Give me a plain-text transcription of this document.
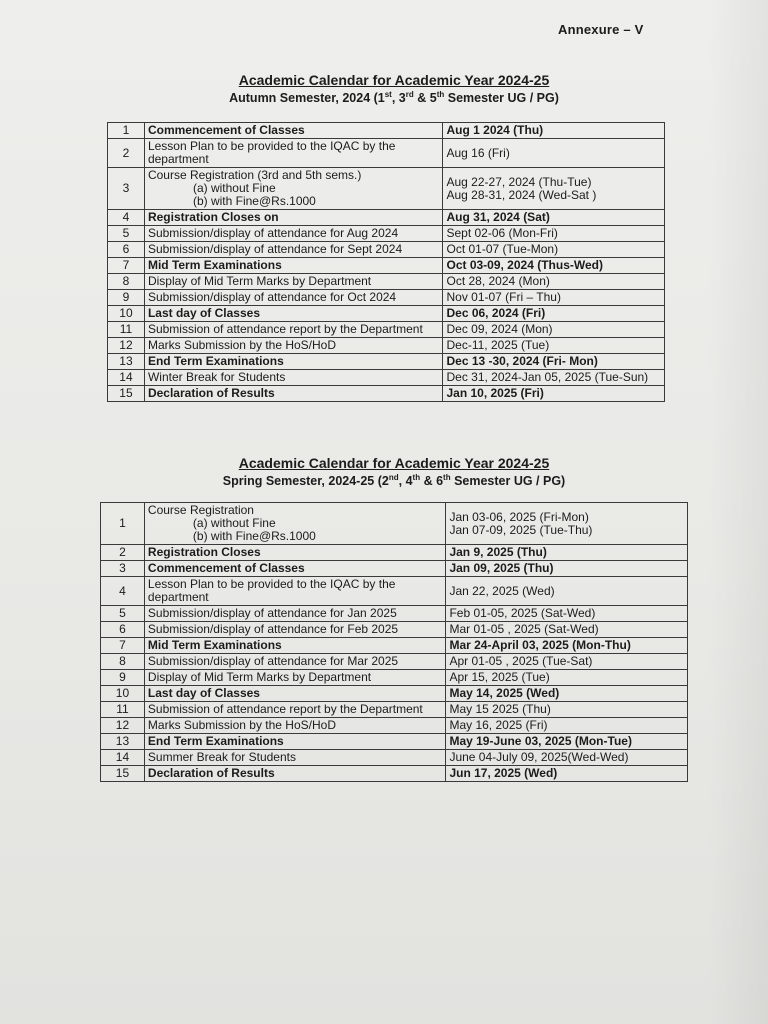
Annexure – V
Academic Calendar for Academic Year 2024-25
Autumn Semester, 2024 (1st, 3rd & 5th Semester UG / PG)
1	Commencement of Classes	Aug 1 2024 (Thu)

2	Lesson Plan to be provided to the IQAC by the department	Aug 16 (Fri)

3	Course Registration (3rd and 5th sems.)
(a) without Fine
(b) with Fine@Rs.1000	Aug 22-27, 2024 (Thu-Tue)
Aug 28-31, 2024 (Wed-Sat )

4	Registration Closes on	Aug 31, 2024 (Sat)

5	Submission/display of attendance for Aug 2024	Sept 02-06 (Mon-Fri)

6	Submission/display of attendance for Sept 2024	Oct 01-07 (Tue-Mon)

7	Mid Term Examinations	Oct 03-09, 2024 (Thus-Wed)

8	Display of Mid Term Marks by Department	Oct 28, 2024 (Mon)

9	Submission/display of attendance for Oct 2024	Nov 01-07 (Fri – Thu)

10	Last day of Classes	Dec 06, 2024 (Fri)

11	Submission of attendance report by the Department	Dec 09, 2024 (Mon)

12	Marks Submission by the HoS/HoD	Dec-11, 2025 (Tue)

13	End Term Examinations	Dec 13 -30, 2024 (Fri- Mon)

14	Winter Break for Students	Dec 31, 2024-Jan 05, 2025 (Tue-Sun)

15	Declaration of Results	Jan 10, 2025 (Fri)
Academic Calendar for Academic Year 2024-25
Spring Semester, 2024-25 (2nd, 4th & 6th Semester UG / PG)
1	Course Registration
(a) without Fine
(b) with Fine@Rs.1000	Jan 03-06, 2025 (Fri-Mon)
Jan 07-09, 2025 (Tue-Thu)

2	Registration Closes	Jan 9, 2025 (Thu)

3	Commencement of Classes	Jan 09, 2025 (Thu)

4	Lesson Plan to be provided to the IQAC by the department	Jan 22, 2025 (Wed)

5	Submission/display of attendance for Jan 2025	Feb 01-05, 2025 (Sat-Wed)

6	Submission/display of attendance for Feb 2025	Mar 01-05 , 2025 (Sat-Wed)

7	Mid Term Examinations	Mar 24-April 03, 2025 (Mon-Thu)

8	Submission/display of attendance for Mar 2025	Apr 01-05 , 2025 (Tue-Sat)

9	Display of Mid Term Marks by Department	Apr 15, 2025 (Tue)

10	Last day of Classes	May 14, 2025 (Wed)

11	Submission of attendance report by the Department	May 15 2025 (Thu)

12	Marks Submission by the HoS/HoD	May 16, 2025 (Fri)

13	End Term Examinations	May 19-June 03, 2025 (Mon-Tue)

14	Summer Break for Students	June 04-July 09, 2025(Wed-Wed)

15	Declaration of Results	Jun 17, 2025 (Wed)
